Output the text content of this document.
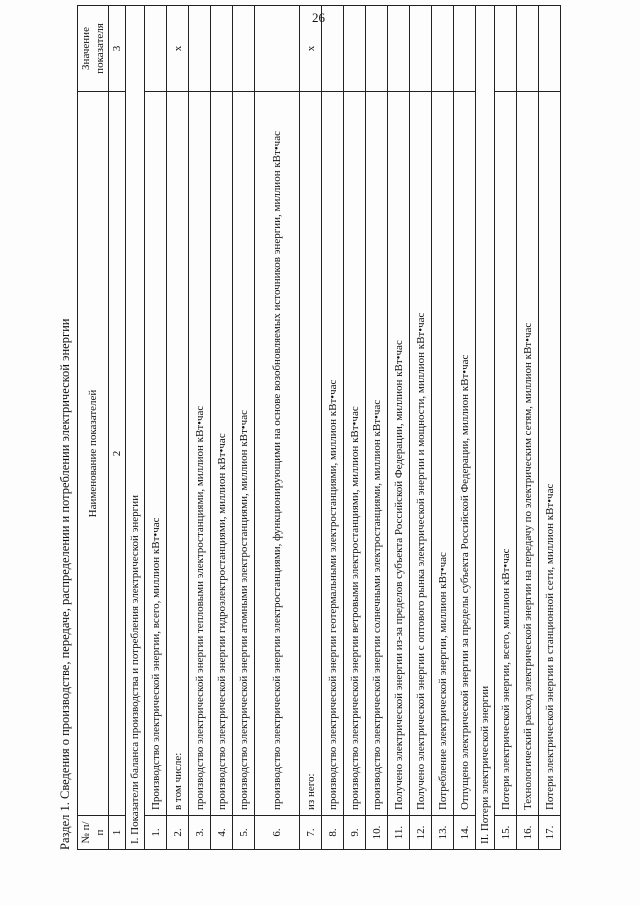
26
Раздел 1. Сведения о производстве, передаче, распределении и потреблении электрической энергии № п/п	Наименование показателей	Значение показателя
1	2	3
I. Показатели баланса производства и потребления электрической энергии		
1.	Производство электрической энергии, всего, миллион кВт•час	
2.	в том числе:	х
3.	производство электрической энергии тепловыми электростанциями, миллион кВт•час	
4.	производство электрической энергии гидроэлектростанциями, миллион кВт•час	
5.	производство электрической энергии атомными электростанциями, миллион кВт•час	
6.	производство электрической энергии электростанциями, функционирующими на основе возобновляемых источников энергии, миллион кВт•час	
7.	из него:	х
8.	производство электрической энергии геотермальными электростанциями, миллион кВт•час	
9.	производство электрической энергии ветровыми электростанциями, миллион кВт•час	
10.	производство электрической энергии солнечными электростанциями, миллион кВт•час	
11.	Получено электрической энергии из-за пределов субъекта Российской Федерации, миллион кВт•час	
12.	Получено электрической энергии с оптового рынка электрической энергии и мощности, миллион кВт•час	
13.	Потребление электрической энергии, миллион кВт•час	
14.	Отпущено электрической энергии за пределы субъекта Российской Федерации, миллион кВт•час	
II. Потери электрической энергии		
15.	Потери электрической энергии, всего, миллион кВт•час	
16.	Технологический расход электрической энергии на передачу по электрическим сетям, миллион кВт•час	
17.	Потери электрической энергии в станционной сети, миллион кВт•час	
